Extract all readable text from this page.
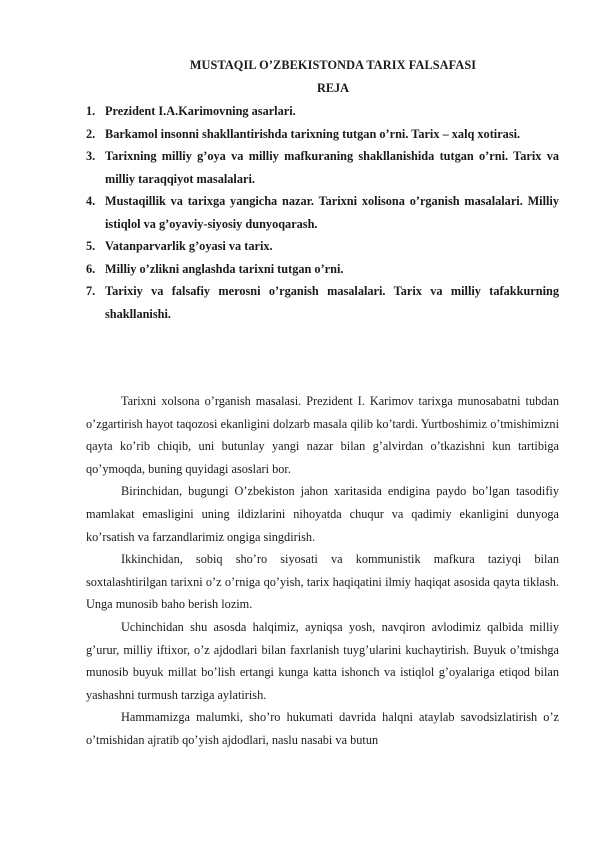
MUSTAQIL O’ZBEKISTONDA TARIX FALSAFASI
REJA
1. Prezident I.A.Karimovning asarlari.
2. Barkamol insonni shakllantirishda tarixning tutgan o’rni. Tarix – xalq xotirasi.
3. Tarixning milliy g’oya va milliy mafkuraning shakllanishida tutgan o’rni. Tarix va milliy taraqqiyot masalalari.
4. Mustaqillik va tarixga yangicha nazar. Tarixni xolisona o’rganish masalalari. Milliy istiqlol va g’oyaviy-siyosiy dunyoqarash.
5. Vatanparvarlik g’oyasi va tarix.
6. Milliy o’zlikni anglashda tarixni tutgan o’rni.
7. Tarixiy va falsafiy merosni o’rganish masalalari. Tarix va milliy tafakkurning shakllanishi.

Tarixni xolsona o’rganish masalasi. Prezident I. Karimov tarixga munosabatni tubdan o’zgartirish hayot taqozosi ekanligini dolzarb masala qilib ko’tardi. Yurtboshimiz o’tmishimizni qayta ko’rib chiqib, uni butunlay yangi nazar bilan g’alvirdan o’tkazishni kun tartibiga qo’ymoqda, buning quyidagi asoslari bor.

Birinchidan, bugungi O’zbekiston jahon xaritasida endigina paydo bo’lgan tasodifiy mamlakat emasligini uning ildizlarini nihoyatda chuqur va qadimiy ekanligini dunyoga ko’rsatish va farzandlarimiz ongiga singdirish.

Ikkinchidan, sobiq sho’ro siyosati va kommunistik mafkura taziyqi bilan soxtalashtirilgan tarixni o’z o’rniga qo’yish, tarix haqiqatini ilmiy haqiqat asosida qayta tiklash. Unga munosib baho berish lozim.

Uchinchidan shu asosda halqimiz, ayniqsa yosh, navqiron avlodimiz qalbida milliy g’urur, milliy iftixor, o’z ajdodlari bilan faxrlanish tuyg’ularini kuchaytirish. Buyuk o’tmishga munosib buyuk millat bo’lish ertangi kunga katta ishonch va istiqlol g’oyalariga etiqod bilan yashashni turmush tarziga aylatirish.

Hammamizga malumki, sho’ro hukumati davrida halqni ataylab savodsizlatirish o’z o’tmishidan ajratib qo’yish ajdodlari, naslu nasabi va butun
